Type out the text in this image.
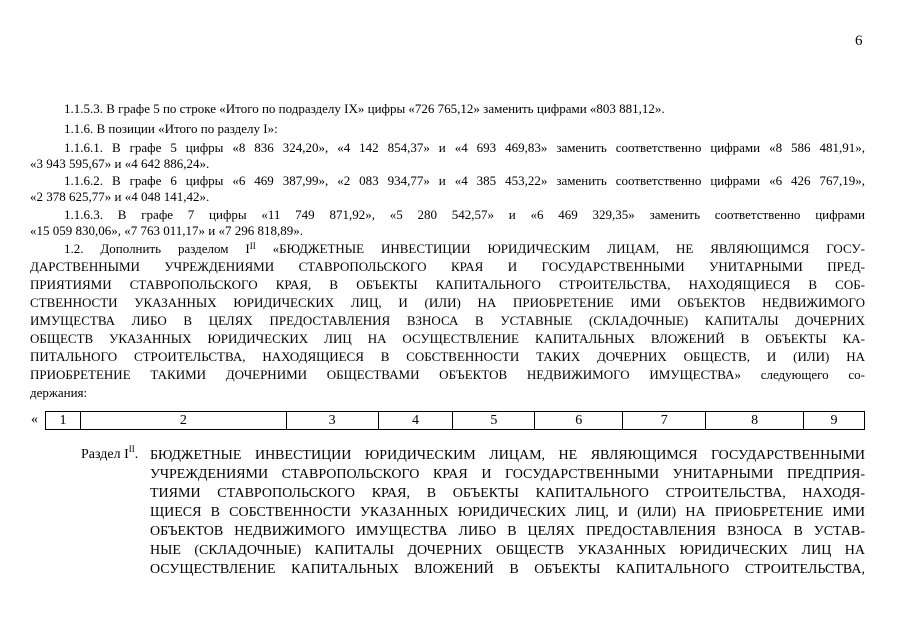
6
1.1.5.3. В графе 5 по строке «Итого по подразделу IX» цифры «726 765,12» заменить цифрами «803 881,12».
1.1.6. В позиции «Итого по разделу I»:
1.1.6.1. В графе 5 цифры «8 836 324,20», «4 142 854,37» и «4 693 469,83» заменить соответственно цифрами «8 586 481,91»,
«3 943 595,67» и «4 642 886,24».
1.1.6.2. В графе 6 цифры «6 469 387,99», «2 083 934,77» и «4 385 453,22» заменить соответственно цифрами «6 426 767,19»,
«2 378 625,77» и «4 048 141,42».
1.1.6.3. В графе 7 цифры «11 749 871,92», «5 280 542,57» и «6 469 329,35» заменить соответственно цифрами
«15 059 830,06», «7 763 011,17» и «7 296 818,89».
1.2. Дополнить разделом $I^{II}$ «БЮДЖЕТНЫЕ ИНВЕСТИЦИИ ЮРИДИЧЕСКИМ ЛИЦАМ, НЕ ЯВЛЯЮЩИМСЯ ГОСУ-
ДАРСТВЕННЫМИ УЧРЕЖДЕНИЯМИ СТАВРОПОЛЬСКОГО КРАЯ И ГОСУДАРСТВЕННЫМИ УНИТАРНЫМИ ПРЕД-
ПРИЯТИЯМИ СТАВРОПОЛЬСКОГО КРАЯ, В ОБЪЕКТЫ КАПИТАЛЬНОГО СТРОИТЕЛЬСТВА, НАХОДЯЩИЕСЯ В СОБ-
СТВЕННОСТИ УКАЗАННЫХ ЮРИДИЧЕСКИХ ЛИЦ, И (ИЛИ) НА ПРИОБРЕТЕНИЕ ИМИ ОБЪЕКТОВ НЕДВИЖИМОГО
ИМУЩЕСТВА ЛИБО В ЦЕЛЯХ ПРЕДОСТАВЛЕНИЯ ВЗНОСА В УСТАВНЫЕ (СКЛАДОЧНЫЕ) КАПИТАЛЫ ДОЧЕРНИХ
ОБЩЕСТВ УКАЗАННЫХ ЮРИДИЧЕСКИХ ЛИЦ НА ОСУЩЕСТВЛЕНИЕ КАПИТАЛЬНЫХ ВЛОЖЕНИЙ В ОБЪЕКТЫ КА-
ПИТАЛЬНОГО СТРОИТЕЛЬСТВА, НАХОДЯЩИЕСЯ В СОБСТВЕННОСТИ ТАКИХ ДОЧЕРНИХ ОБЩЕСТВ, И (ИЛИ) НА
ПРИОБРЕТЕНИЕ ТАКИМИ ДОЧЕРНИМИ ОБЩЕСТВАМИ ОБЪЕКТОВ НЕДВИЖИМОГО ИМУЩЕСТВА» следующего со-
держания:
« 1	2	3	4	5	6	7	8	9
Раздел $I^{II}$. БЮДЖЕТНЫЕ ИНВЕСТИЦИИ ЮРИДИЧЕСКИМ ЛИЦАМ, НЕ ЯВЛЯЮЩИМСЯ ГОСУДАРСТВЕННЫМИ
УЧРЕЖДЕНИЯМИ СТАВРОПОЛЬСКОГО КРАЯ И ГОСУДАРСТВЕННЫМИ УНИТАРНЫМИ ПРЕДПРИЯ-
ТИЯМИ СТАВРОПОЛЬСКОГО КРАЯ, В ОБЪЕКТЫ КАПИТАЛЬНОГО СТРОИТЕЛЬСТВА, НАХОДЯ-
ЩИЕСЯ В СОБСТВЕННОСТИ УКАЗАННЫХ ЮРИДИЧЕСКИХ ЛИЦ, И (ИЛИ) НА ПРИОБРЕТЕНИЕ ИМИ
ОБЪЕКТОВ НЕДВИЖИМОГО ИМУЩЕСТВА ЛИБО В ЦЕЛЯХ ПРЕДОСТАВЛЕНИЯ ВЗНОСА В УСТАВ-
НЫЕ (СКЛАДОЧНЫЕ) КАПИТАЛЫ ДОЧЕРНИХ ОБЩЕСТВ УКАЗАННЫХ ЮРИДИЧЕСКИХ ЛИЦ НА
ОСУЩЕСТВЛЕНИЕ КАПИТАЛЬНЫХ ВЛОЖЕНИЙ В ОБЪЕКТЫ КАПИТАЛЬНОГО СТРОИТЕЛЬСТВА,
